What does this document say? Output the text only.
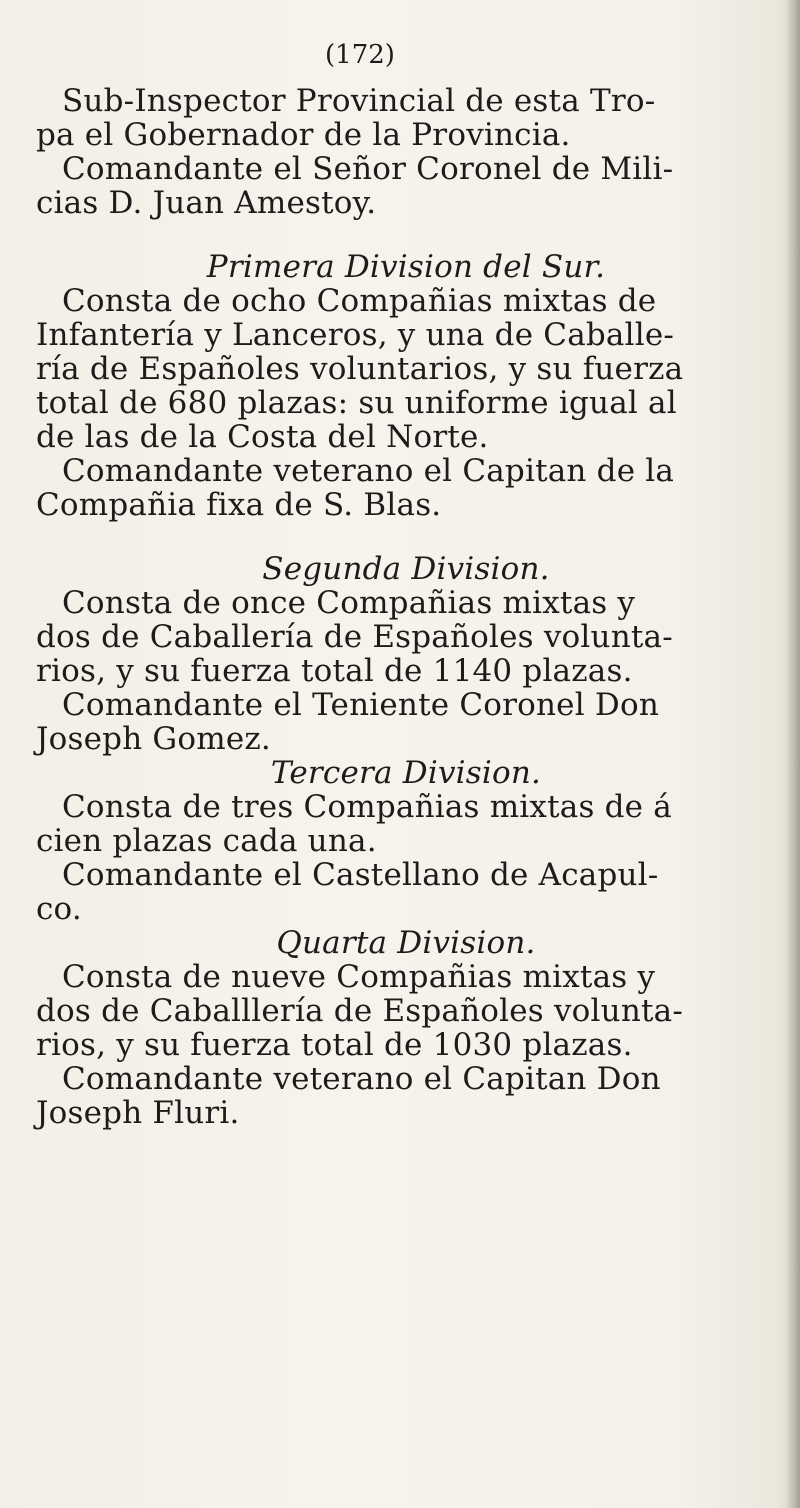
(172)
Sub-Inspector Provincial de esta Tro-
pa el Gobernador de la Provincia.
Comandante el Señor Coronel de Mili-
cias D. Juan Amestoy.
Primera Division del Sur.
Consta de ocho Compañias mixtas de
Infantería y Lanceros, y una de Caballe-
ría de Españoles voluntarios, y su fuerza
total de 680 plazas: su uniforme igual al
de las de la Costa del Norte.
Comandante veterano el Capitan de la
Compañia fixa de S. Blas.
Segunda Division.
Consta de once Compañias mixtas y
dos de Caballería de Españoles volunta-
rios, y su fuerza total de 1140 plazas.
Comandante el Teniente Coronel Don
Joseph Gomez.
Tercera Division.
Consta de tres Compañias mixtas de á
cien plazas cada una.
Comandante el Castellano de Acapul-
co.
Quarta Division.
Consta de nueve Compañias mixtas y
dos de Caballlería de Españoles volunta-
rios, y su fuerza total de 1030 plazas.
Comandante veterano el Capitan Don
Joseph Fluri.
